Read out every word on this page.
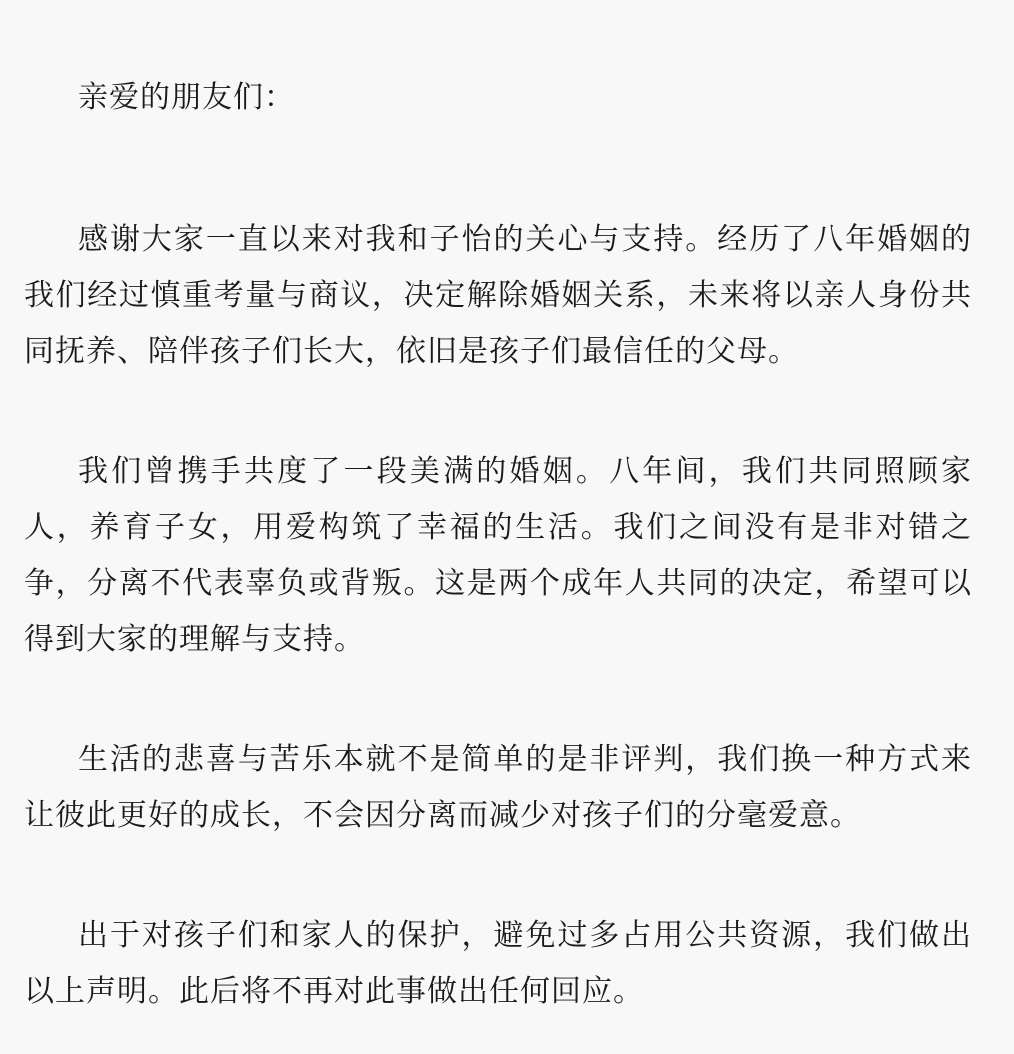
亲爱的朋友们：

感谢大家一直以来对我和子怡的关心与支持。经历了八年婚姻的我们经过慎重考量与商议，决定解除婚姻关系，未来将以亲人身份共同抚养、陪伴孩子们长大，依旧是孩子们最信任的父母。

我们曾携手共度了一段美满的婚姻。八年间，我们共同照顾家人，养育子女，用爱构筑了幸福的生活。我们之间没有是非对错之争，分离不代表辜负或背叛。这是两个成年人共同的决定，希望可以得到大家的理解与支持。

生活的悲喜与苦乐本就不是简单的是非评判，我们换一种方式来让彼此更好的成长，不会因分离而减少对孩子们的分毫爱意。

出于对孩子们和家人的保护，避免过多占用公共资源，我们做出以上声明。此后将不再对此事做出任何回应。
